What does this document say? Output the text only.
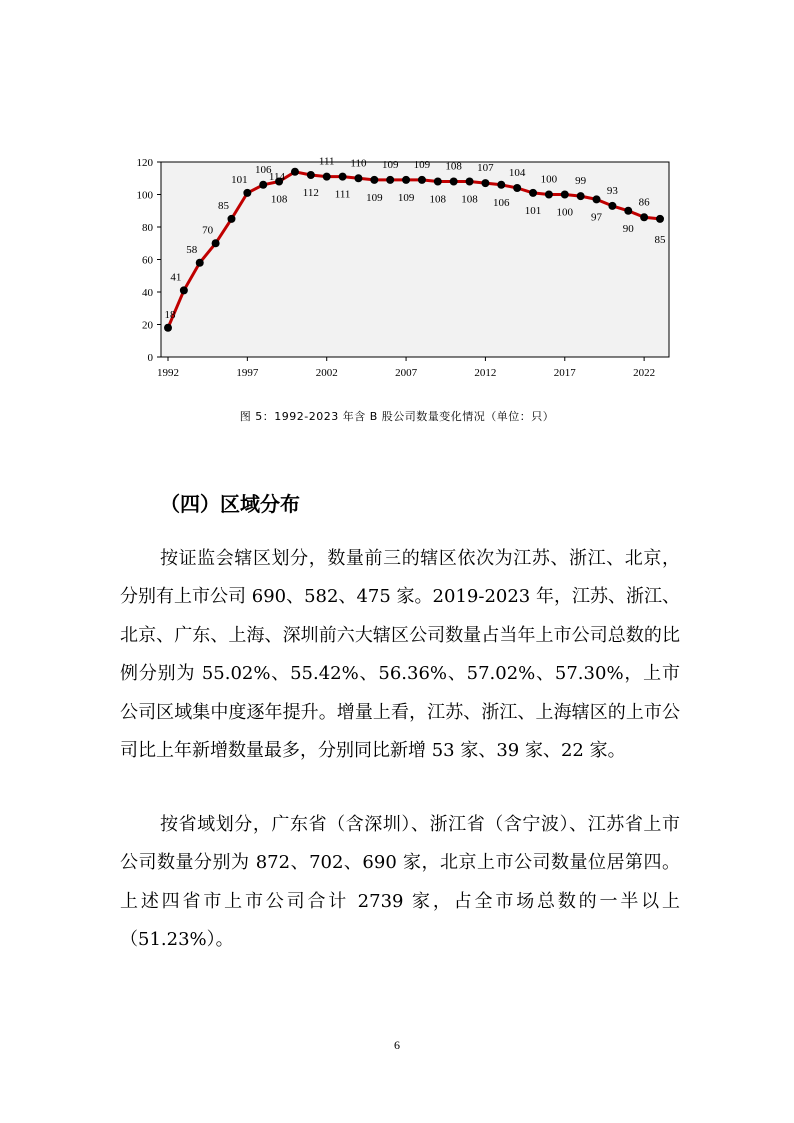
0
20
40
60
80
100
120
1992	1997	2002	2007	2012	2017	2022
18
41
58
70
85
101
106
108
114
112
111
111
110
109
109
109
109
108
108
108
107
106
104
101
100
100
99
97
93
90
86
85
图 5：1992-2023 年含 B 股公司数量变化情况（单位：只）
（四）区域分布

按证监会辖区划分，数量前三的辖区依次为江苏、浙江、北京，分别有上市公司 690、582、475 家。2019-2023 年，江苏、浙江、北京、广东、上海、深圳前六大辖区公司数量占当年上市公司总数的比例分别为 55.02%、55.42%、56.36%、57.02%、57.30%，上市公司区域集中度逐年提升。增量上看，江苏、浙江、上海辖区的上市公司比上年新增数量最多，分别同比新增 53 家、39 家、22 家。

按省域划分，广东省（含深圳）、浙江省（含宁波）、江苏省上市公司数量分别为 872、702、690 家，北京上市公司数量位居第四。上述四省市上市公司合计 2739 家，占全市场总数的一半以上（51.23%）。

6
